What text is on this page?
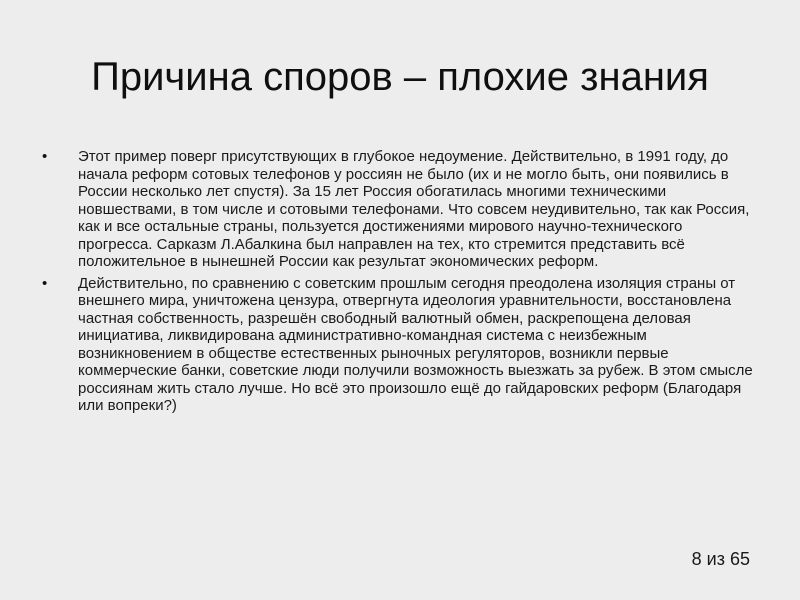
Причина споров – плохие знания
•	Этот пример поверг присутствующих в глубокое недоумение. Действительно, в 1991 году, до начала реформ сотовых телефонов у россиян не было (их и не могло быть, они появились в России несколько лет спустя). За 15 лет Россия обогатилась многими техническими новшествами, в том числе и сотовыми телефонами. Что совсем неудивительно, так как Россия, как и все остальные страны, пользуется достижениями мирового научно-технического прогресса. Сарказм Л.Абалкина был направлен на тех, кто стремится представить всё положительное в нынешней России как результат экономических реформ.
•	Действительно, по сравнению с советским прошлым сегодня преодолена изоляция страны от внешнего мира, уничтожена цензура, отвергнута идеология уравнительности, восстановлена частная собственность, разрешён свободный валютный обмен, раскрепощена деловая инициатива, ликвидирована административно-командная система с неизбежным возникновением в обществе естественных рыночных регуляторов, возникли первые коммерческие банки, советские люди получили возможность выезжать за рубеж. В этом смысле россиянам жить стало лучше. Но всё это произошло ещё до гайдаровских реформ (Благодаря или вопреки?)
8 из 65
